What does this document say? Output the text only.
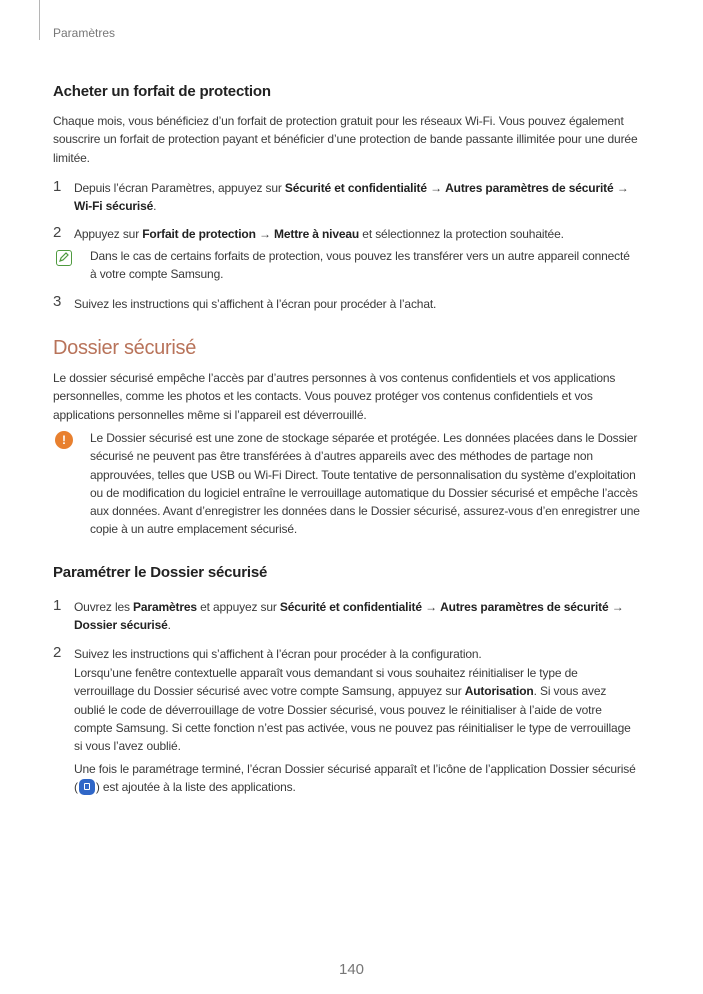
Paramètres
Acheter un forfait de protection
Chaque mois, vous bénéficiez d’un forfait de protection gratuit pour les réseaux Wi-Fi. Vous pouvez également souscrire un forfait de protection payant et bénéficier d’une protection de bande passante illimitée pour une durée limitée.
1 Depuis l’écran Paramètres, appuyez sur Sécurité et confidentialité → Autres paramètres de sécurité → Wi-Fi sécurisé.
2 Appuyez sur Forfait de protection → Mettre à niveau et sélectionnez la protection souhaitée.
Dans le cas de certains forfaits de protection, vous pouvez les transférer vers un autre appareil connecté à votre compte Samsung.
3 Suivez les instructions qui s’affichent à l’écran pour procéder à l’achat.
Dossier sécurisé
Le dossier sécurisé empêche l’accès par d’autres personnes à vos contenus confidentiels et vos applications personnelles, comme les photos et les contacts. Vous pouvez protéger vos contenus confidentiels et vos applications personnelles même si l’appareil est déverrouillé.
!	Le Dossier sécurisé est une zone de stockage séparée et protégée. Les données placées dans le Dossier sécurisé ne peuvent pas être transférées à d’autres appareils avec des méthodes de partage non approuvées, telles que USB ou Wi-Fi Direct. Toute tentative de personnalisation du système d’exploitation ou de modification du logiciel entraîne le verrouillage automatique du Dossier sécurisé et empêche l’accès aux données. Avant d’enregistrer les données dans le Dossier sécurisé, assurez-vous d’en enregistrer une copie à un autre emplacement sécurisé.
Paramétrer le Dossier sécurisé
1 Ouvrez les Paramètres et appuyez sur Sécurité et confidentialité → Autres paramètres de sécurité → Dossier sécurisé.
2 Suivez les instructions qui s’affichent à l’écran pour procéder à la configuration.
Lorsqu’une fenêtre contextuelle apparaît vous demandant si vous souhaitez réinitialiser le type de verrouillage du Dossier sécurisé avec votre compte Samsung, appuyez sur Autorisation. Si vous avez oublié le code de déverrouillage de votre Dossier sécurisé, vous pouvez le réinitialiser à l’aide de votre compte Samsung. Si cette fonction n’est pas activée, vous ne pouvez pas réinitialiser le type de verrouillage si vous l’avez oublié.
Une fois le paramétrage terminé, l’écran Dossier sécurisé apparaît et l’icône de l’application Dossier sécurisé ( ) est ajoutée à la liste des applications.
140
